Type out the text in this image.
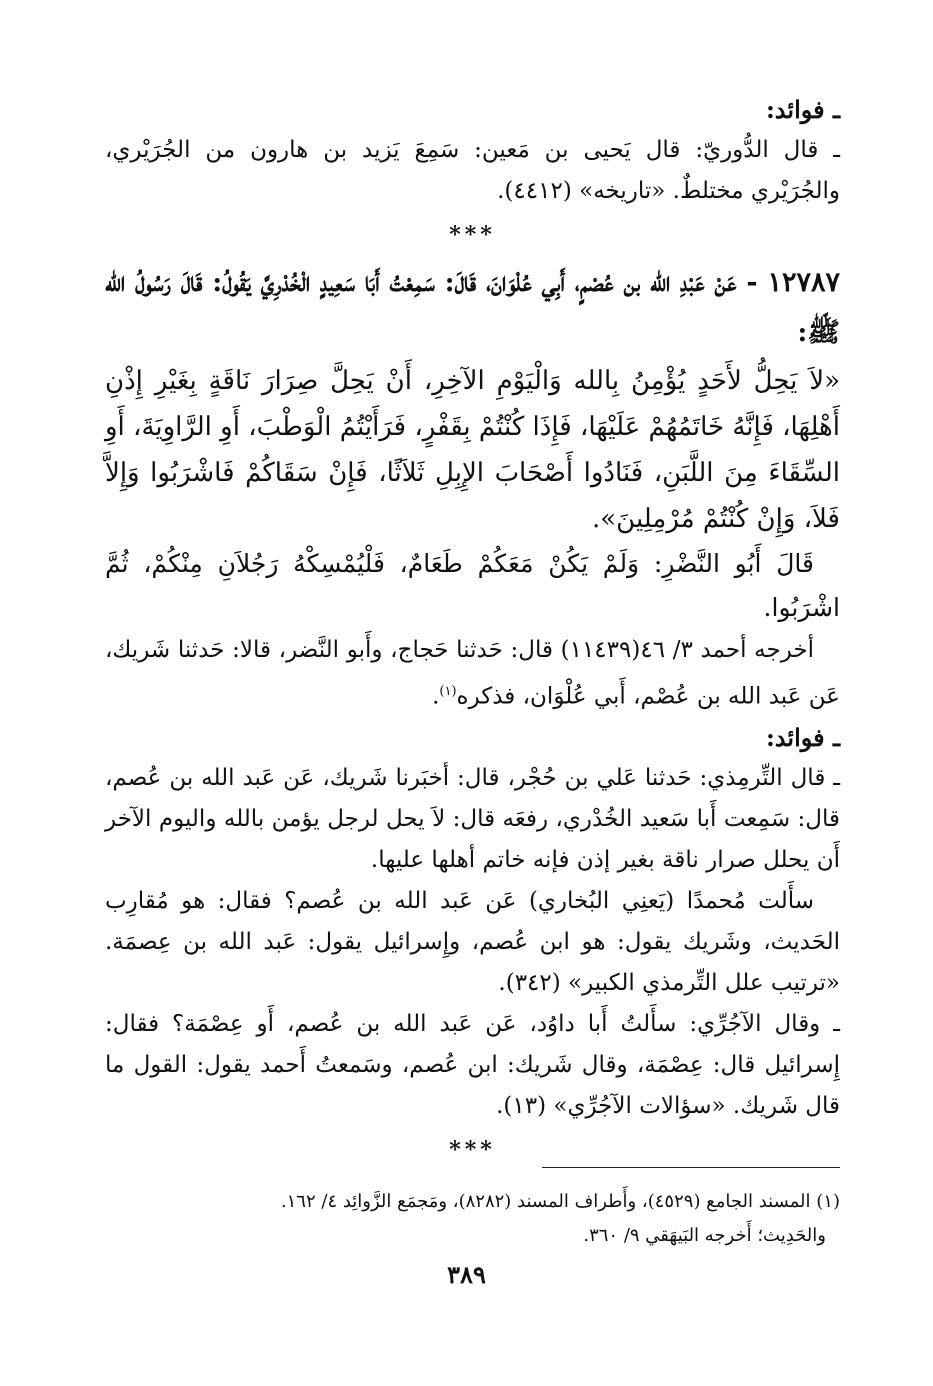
ـ فوائد:

ـ قال الدُّوريّ: قال يَحيى بن مَعين: سَمِعَ يَزيد بن هارون من الجُرَيْري، والجُرَيْري مختلطٌ. «تاريخه» (٤٤١٢).

***

١٢٧٨٧ - عَنْ عَبْدِ الله بن عُصْمٍ، أَبِي عُلْوَانَ، قَالَ: سَمِعْتُ أَبَا سَعِيدٍ الْخُدْرِيَّ يَقُولُ: قَالَ رَسُولُ الله ﷺ:

«لاَ يَحِلُّ لأَحَدٍ يُؤْمِنُ بِالله وَالْيَوْمِ الآخِرِ، أَنْ يَحِلَّ صِرَارَ نَاقَةٍ بِغَيْرِ إِذْنِ أَهْلِهَا، فَإِنَّهُ خَاتَمُهُمْ عَلَيْهَا، فَإِذَا كُنْتُمْ بِقَفْرٍ، فَرَأَيْتُمُ الْوَطْبَ، أَوِ الرَّاوِيَةَ، أَوِ السِّقَاءَ مِنَ اللَّبَنِ، فَنَادُوا أَصْحَابَ الإِبِلِ ثَلاَثًا، فَإِنْ سَقَاكُمْ فَاشْرَبُوا وَإِلاَّ فَلاَ، وَإِنْ كُنْتُمْ مُرْمِلِينَ».

قَالَ أَبُو النَّضْرِ: وَلَمْ يَكُنْ مَعَكُمْ طَعَامٌ، فَلْيُمْسِكْهُ رَجُلاَنِ مِنْكُمْ، ثُمَّ اشْرَبُوا.

أخرجه أحمد ٣/ ٤٦(١١٤٣٩) قال: حَدثنا حَجاج، وأَبو النَّضر، قالا: حَدثنا شَريك، عَن عَبد الله بن عُصْم، أَبي عُلْوَان، فذكره$^{(١)}$.

ـ فوائد:

ـ قال التِّرمِذي: حَدثنا عَلي بن حُجْر، قال: أخبَرنا شَريك، عَن عَبد الله بن عُصم، قال: سَمِعت أَبا سَعيد الخُدْري، رفعَه قال: لاَ يحل لرجل يؤمن بالله واليوم الآخر أَن يحلل صرار ناقة بغير إذن فإنه خاتم أهلها عليها.

سأَلت مُحمدًا (يَعنِي البُخاري) عَن عَبد الله بن عُصم؟ فقال: هو مُقارِب الحَديث، وشَريك يقول: هو ابن عُصم، وإِسرائيل يقول: عَبد الله بن عِصمَة. «ترتيب علل التِّرمذي الكبير» (٣٤٢).

ـ وقال الآجُرِّي: سأَلتُ أَبا داوُد، عَن عَبد الله بن عُصم، أَو عِصْمَة؟ فقال: إِسرائيل قال: عِصْمَة، وقال شَريك: ابن عُصم، وسَمعتُ أَحمد يقول: القول ما قال شَريك. «سؤالات الآجُرِّي» (١٣).

***

(١) المسند الجامع (٤٥٢٩)، وأَطراف المسند (٨٢٨٢)، ومَجمَع الزَّوائِد ٤/ ١٦٢.

والحَدِيث؛ أَخرجه البَيهَقي ٩/ ٣٦٠.

٣٨٩
